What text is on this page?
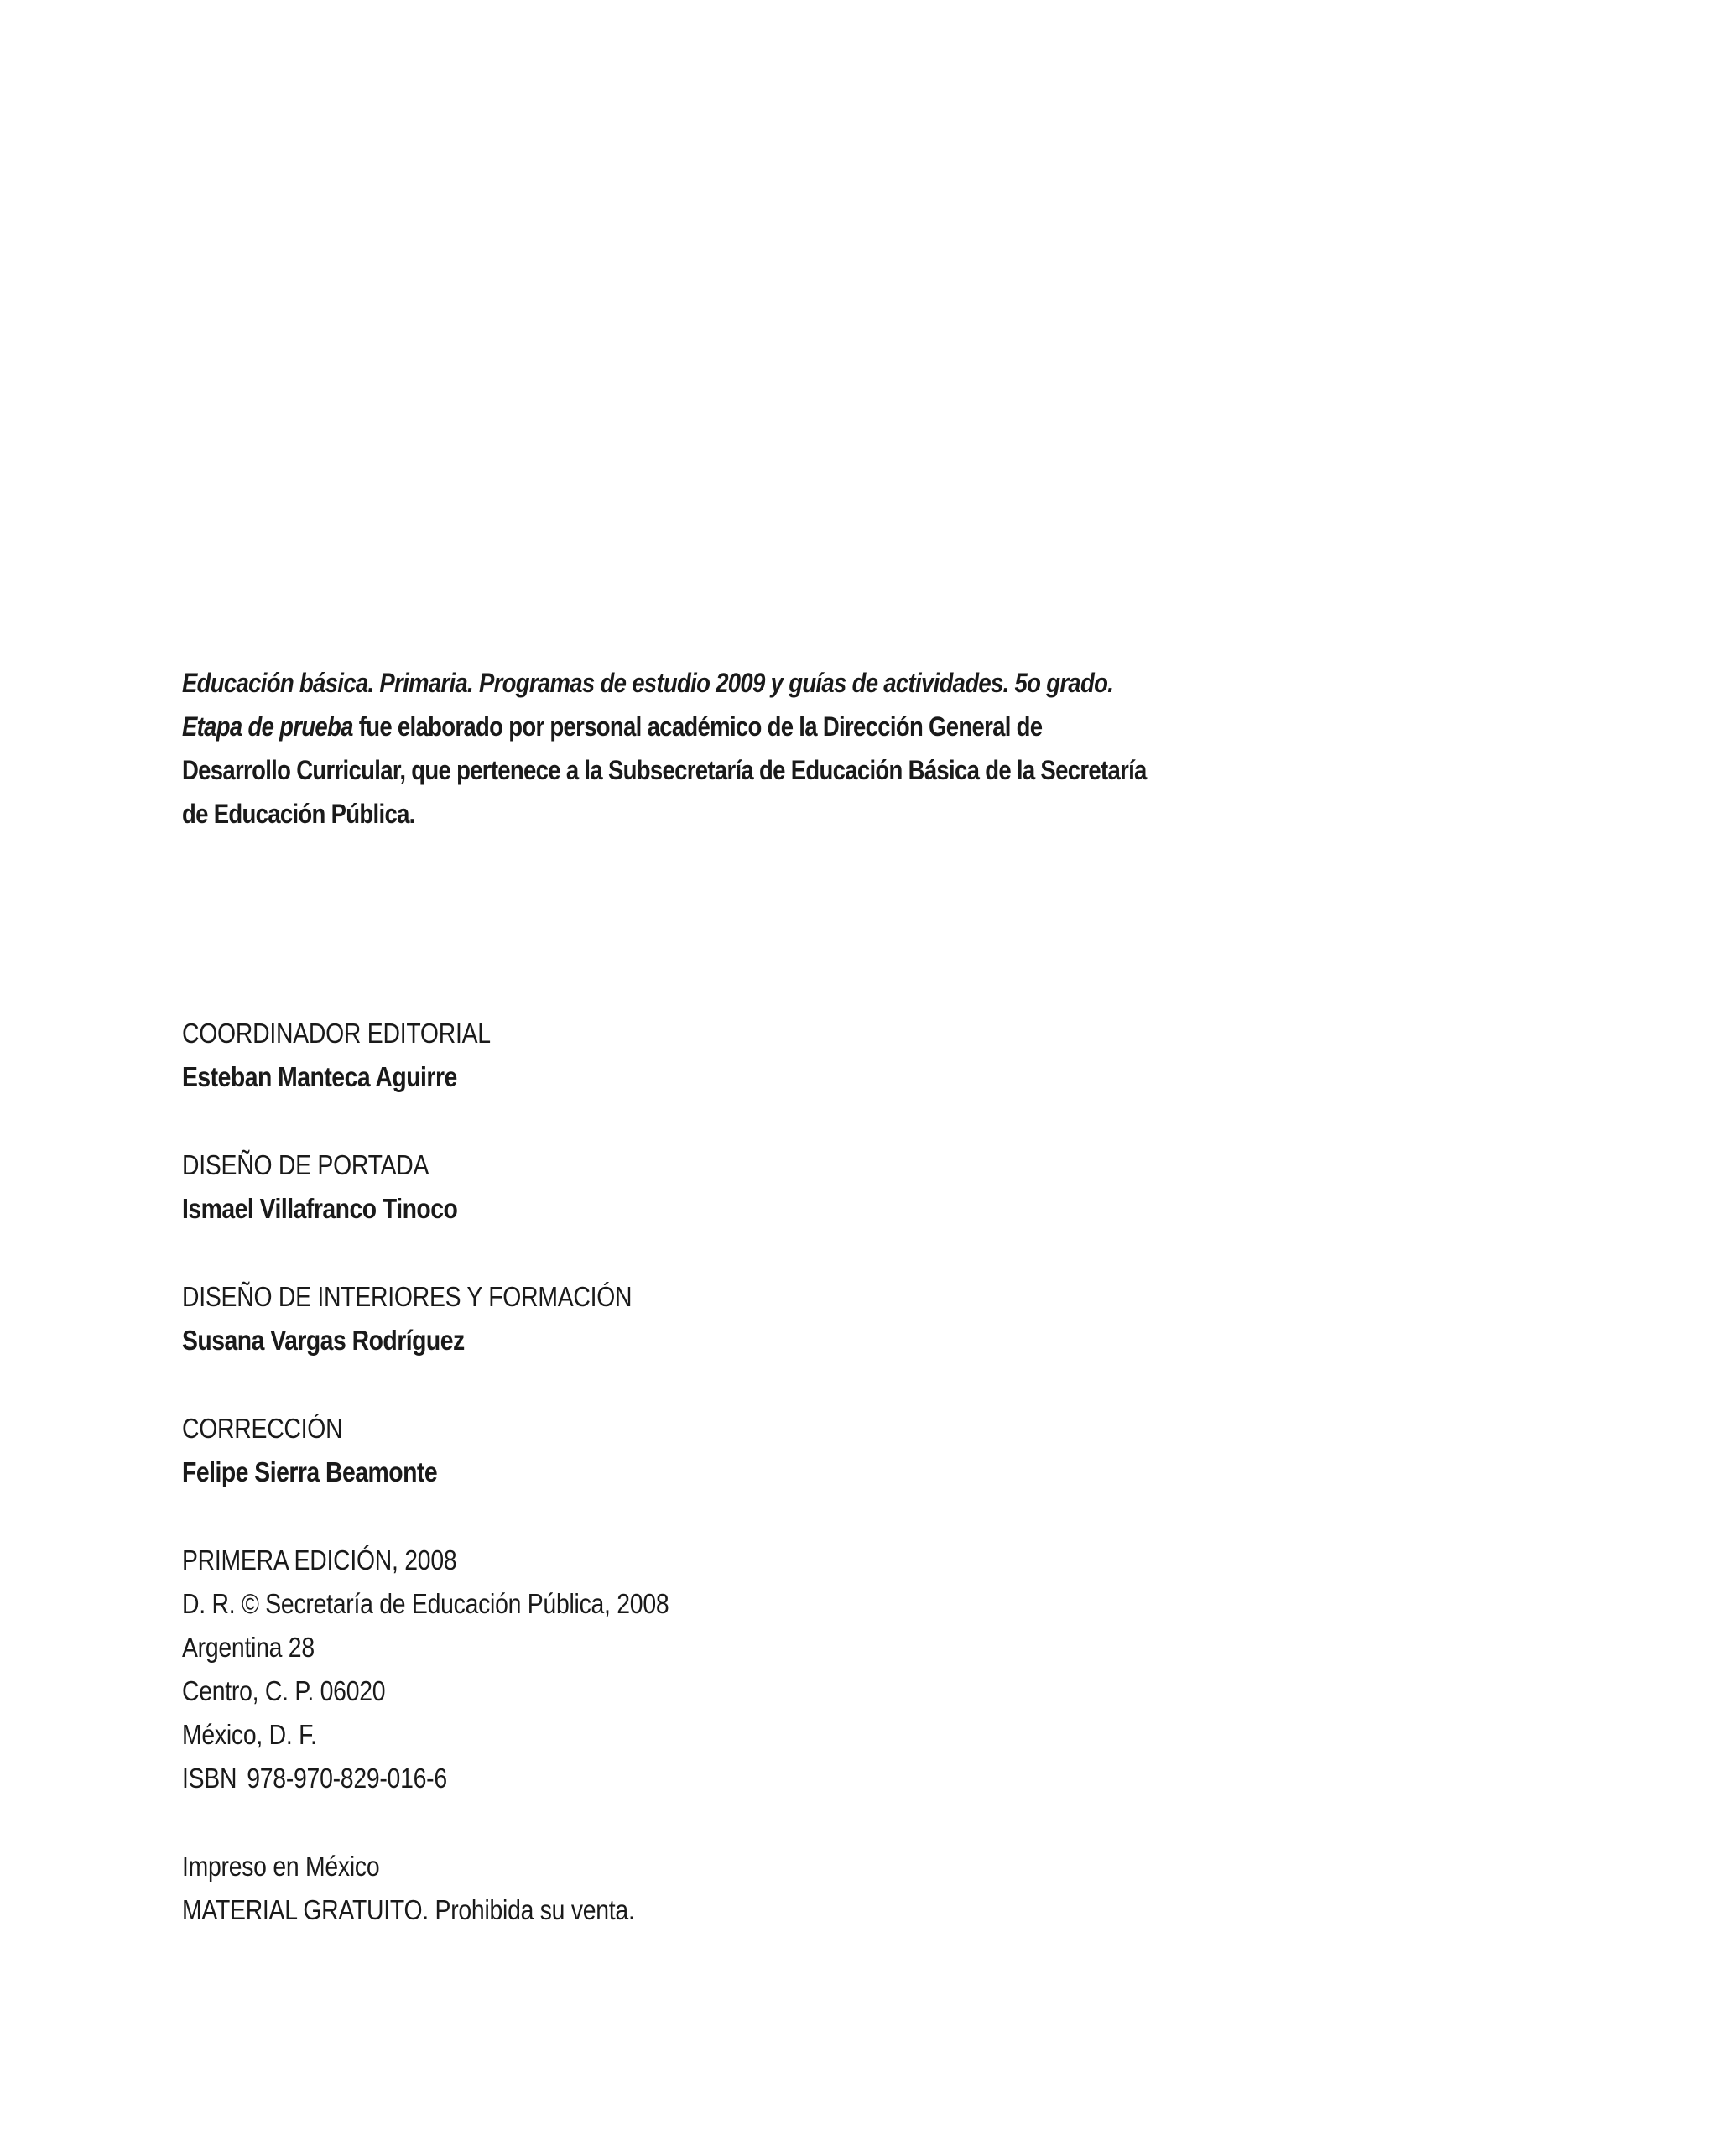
Educación básica. Primaria. Programas de estudio 2009 y guías de actividades. 5o grado. Etapa de prueba fue elaborado por personal académico de la Dirección General de Desarrollo Curricular, que pertenece a la Subsecretaría de Educación Básica de la Secretaría de Educación Pública.

COORDINADOR EDITORIAL
Esteban Manteca Aguirre
DISEÑO DE PORTADA
Ismael Villafranco Tinoco
DISEÑO DE INTERIORES Y FORMACIÓN
Susana Vargas Rodríguez
CORRECCIÓN
Felipe Sierra Beamonte
PRIMERA EDICIÓN, 2008
D. R. © Secretaría de Educación Pública, 2008
Argentina 28
Centro, C. P. 06020
México, D. F.
ISBN 978-970-829-016-6
Impreso en México
MATERIAL GRATUITO. Prohibida su venta.
